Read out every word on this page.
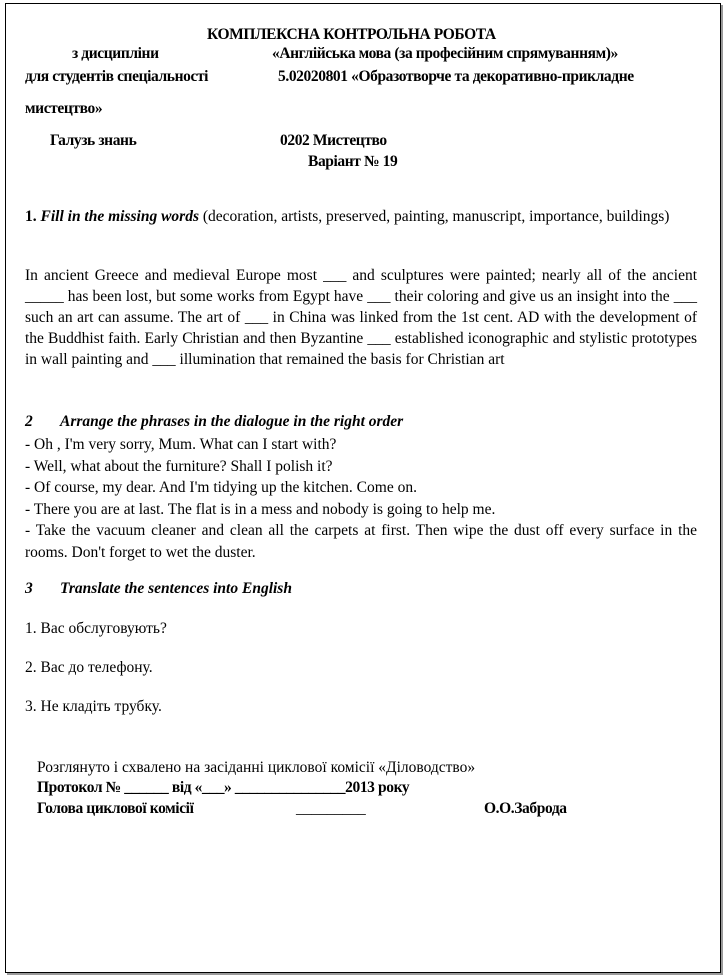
КОМПЛЕКСНА КОНТРОЛЬНА РОБОТА
з дисципліни	«Англійська мова (за професійним спрямуванням)»
для студентів спеціальності	5.02020801 «Образотворче та декоративно-прикладне
мистецтво»
Галузь знань	0202 Мистецтво
Варіант № 19

1. Fill in the missing words (decoration, artists, preserved, painting, manuscript, importance, buildings)

In ancient Greece and medieval Europe most ___ and sculptures were painted; nearly all of the ancient _____ has been lost, but some works from Egypt have ___ their coloring and give us an insight into the ___ such an art can assume. The art of ___ in China was linked from the 1st cent. AD with the development of the Buddhist faith. Early Christian and then Byzantine ___ established iconographic and stylistic prototypes in wall painting and ___ illumination that remained the basis for Christian art

2 Arrange the phrases in the dialogue in the right order
- Oh , I'm very sorry, Mum. What can I start with?
- Well, what about the furniture? Shall I polish it?
- Of course, my dear. And I'm tidying up the kitchen. Come on.
- There you are at last. The flat is in a mess and nobody is going to help me.
- Take the vacuum cleaner and clean all the carpets at first. Then wipe the dust off every surface in the rooms. Don't forget to wet the duster.
3 Translate the sentences into English
1. Вас обслуговують?
2. Вас до телефону.
3. Не кладіть трубку.
Розглянуто і схвалено на засіданні циклової комісії «Діловодство»
Протокол № ______ від «___» _______________2013 року
Голова циклової комісії	_________	О.О.Заброда
